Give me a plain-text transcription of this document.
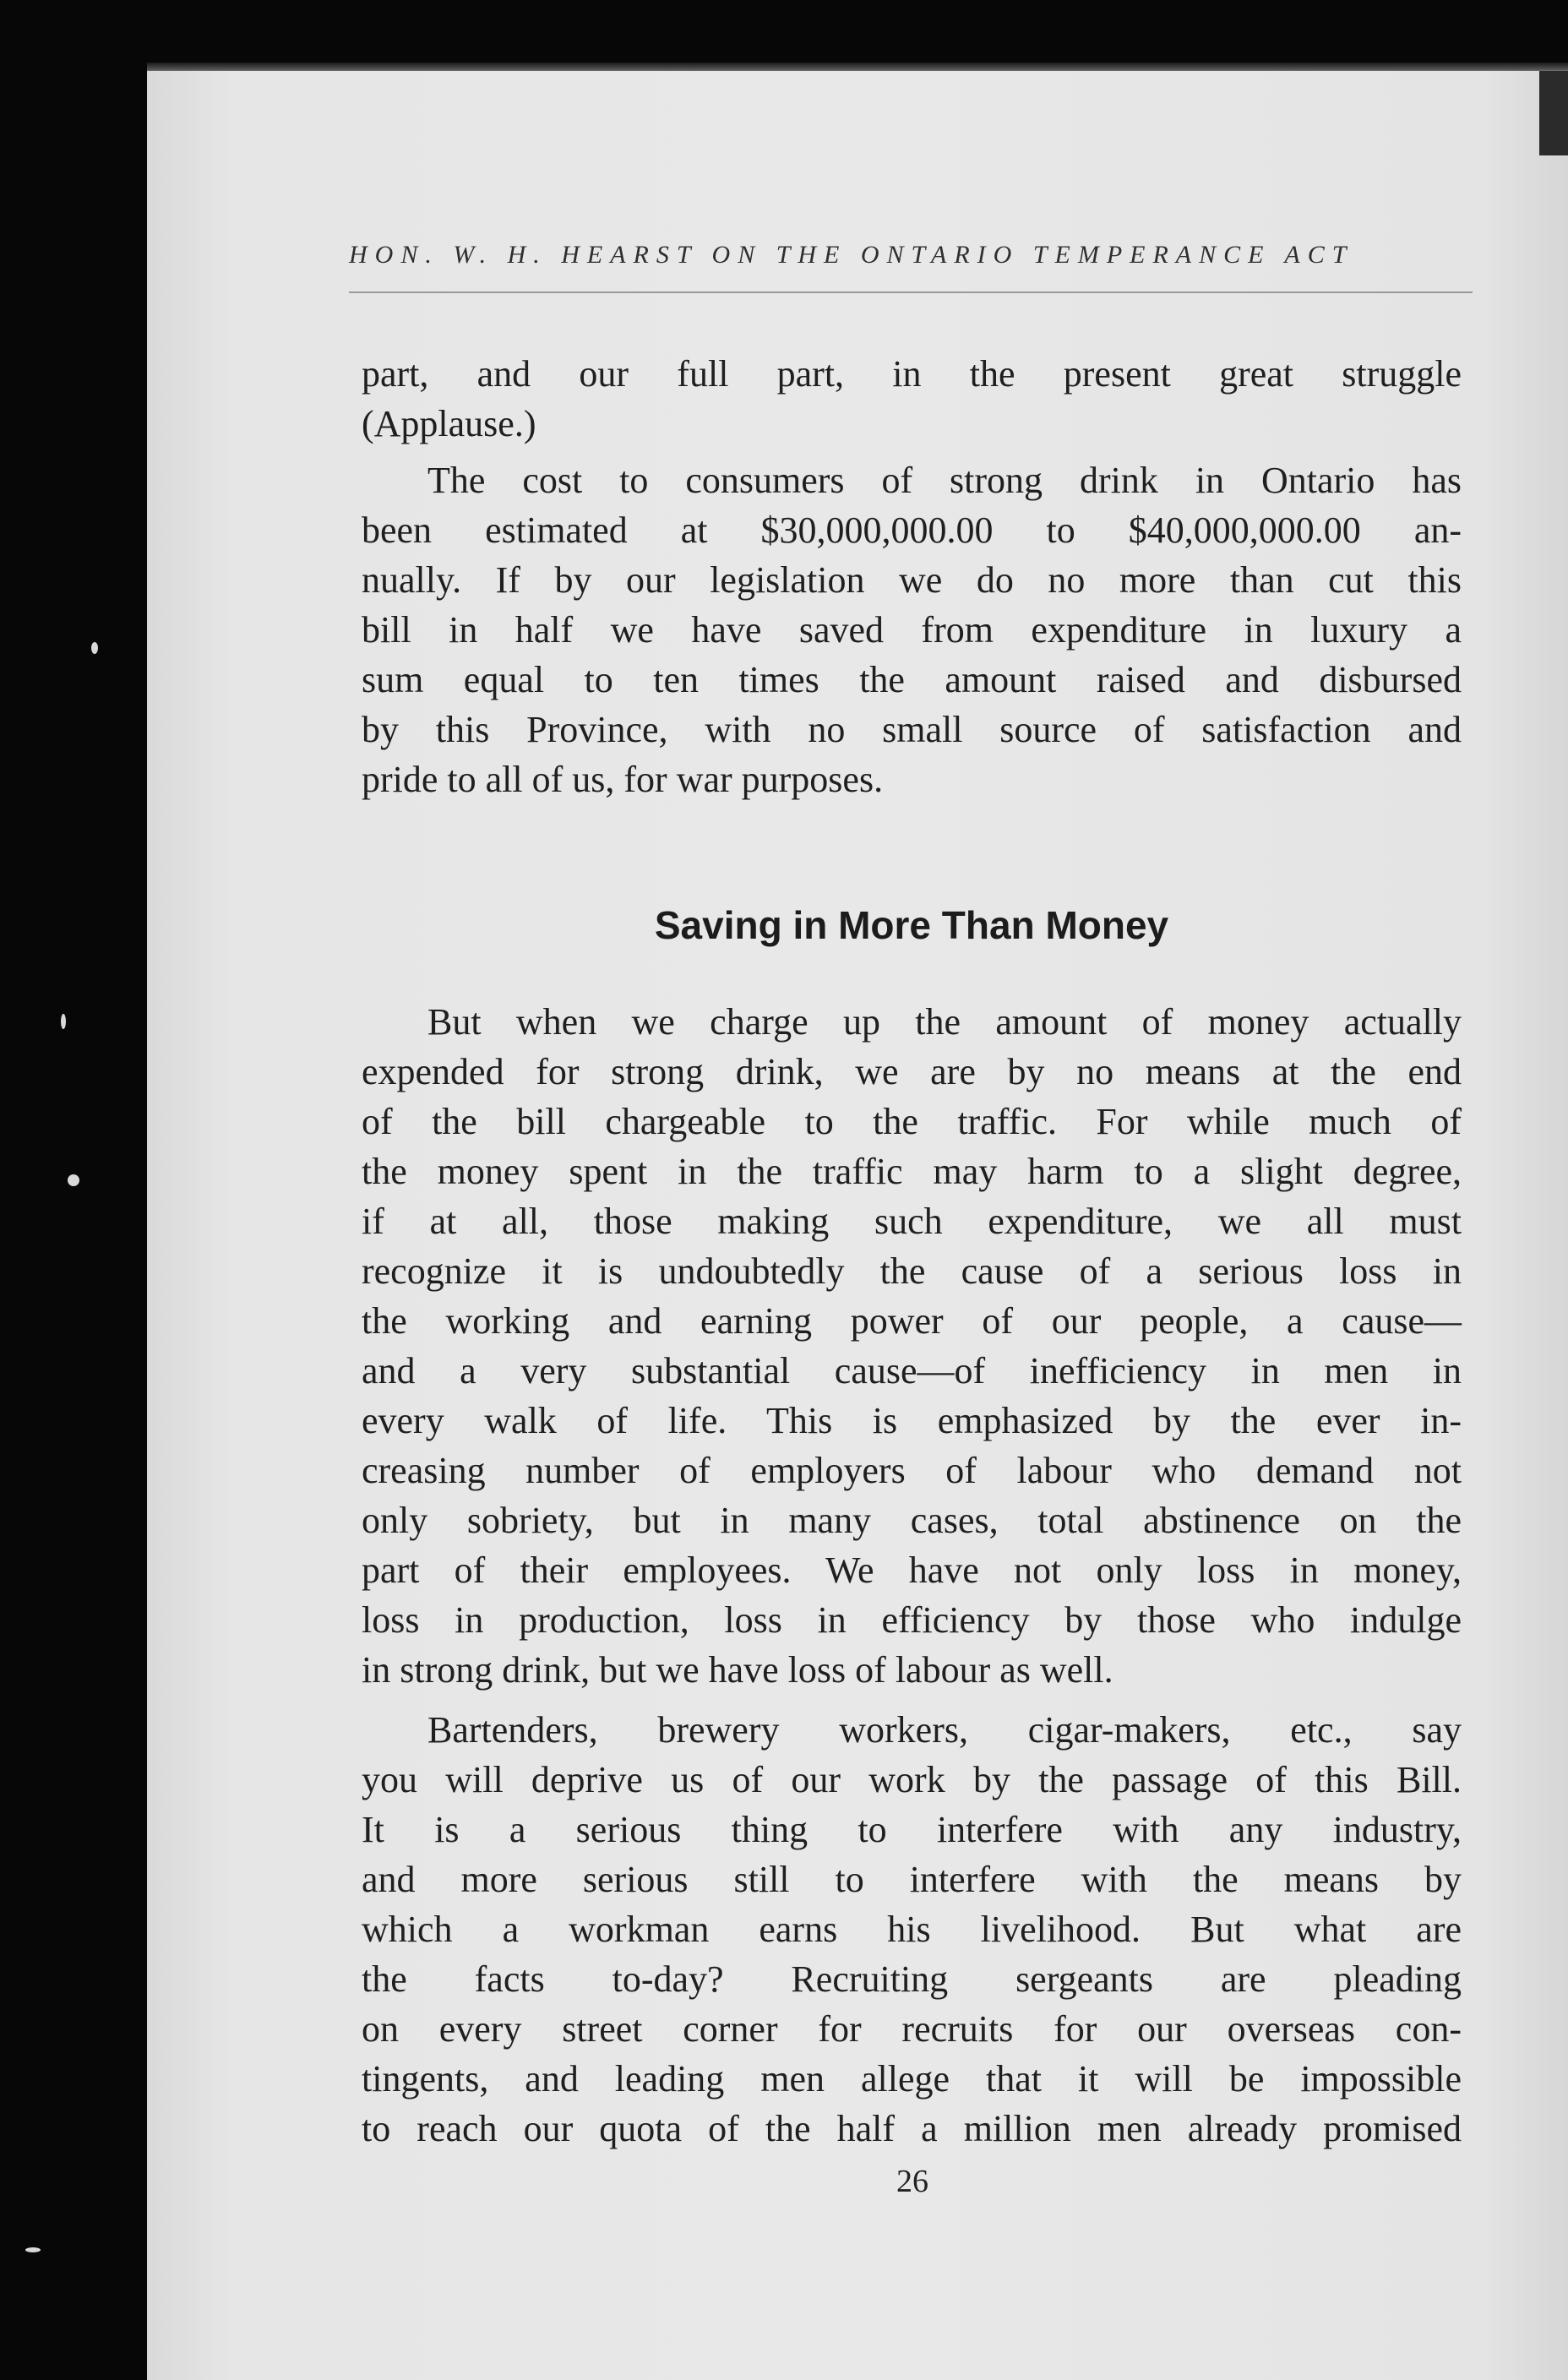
HON. W. H. HEARST ON THE ONTARIO TEMPERANCE ACT
part, and our full part, in the present great struggle
(Applause.)
The cost to consumers of strong drink in Ontario has
been estimated at $30,000,000.00 to $40,000,000.00 an-
nually. If by our legislation we do no more than cut this
bill in half we have saved from expenditure in luxury a
sum equal to ten times the amount raised and disbursed
by this Province, with no small source of satisfaction and
pride to all of us, for war purposes.
Saving in More Than Money
But when we charge up the amount of money actually
expended for strong drink, we are by no means at the end
of the bill chargeable to the traffic. For while much of
the money spent in the traffic may harm to a slight degree,
if at all, those making such expenditure, we all must
recognize it is undoubtedly the cause of a serious loss in
the working and earning power of our people, a cause—
and a very substantial cause—of inefficiency in men in
every walk of life. This is emphasized by the ever in-
creasing number of employers of labour who demand not
only sobriety, but in many cases, total abstinence on the
part of their employees. We have not only loss in money,
loss in production, loss in efficiency by those who indulge
in strong drink, but we have loss of labour as well.
Bartenders, brewery workers, cigar-makers, etc., say
you will deprive us of our work by the passage of this Bill.
It is a serious thing to interfere with any industry,
and more serious still to interfere with the means by
which a workman earns his livelihood. But what are
the facts to-day? Recruiting sergeants are pleading
on every street corner for recruits for our overseas con-
tingents, and leading men allege that it will be impossible
to reach our quota of the half a million men already promised
26
